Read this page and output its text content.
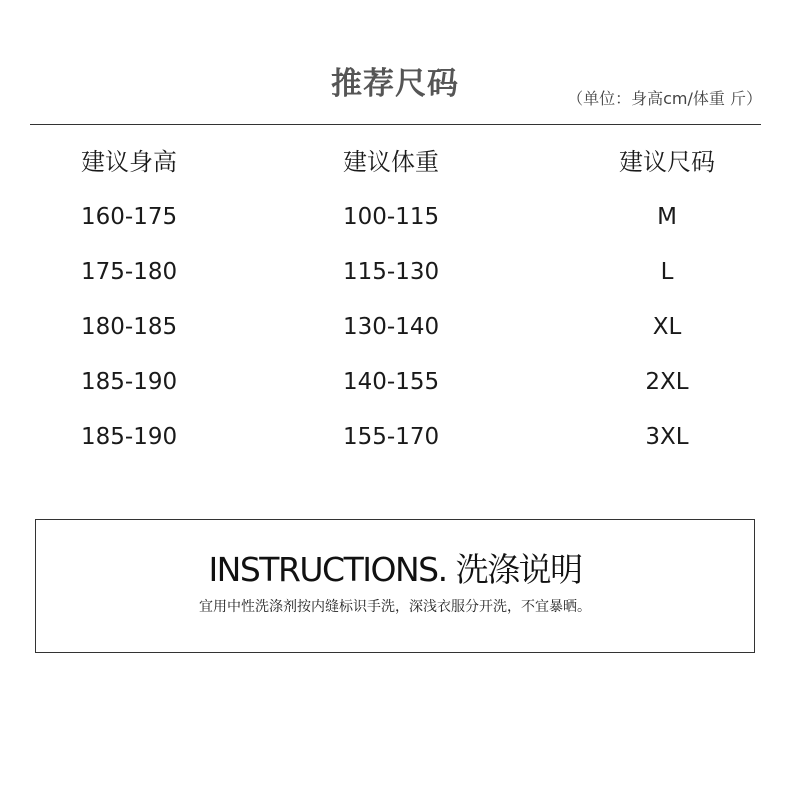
推荐尺码	（单位：身高cm/体重 斤）
建议身高	建议体重	建议尺码
160-175	100-115	M
175-180	115-130	L
180-185	130-140	XL
185-190	140-155	2XL
185-190	155-170	3XL
INSTRUCTIONS. 洗涤说明
宜用中性洗涤剂按内缝标识手洗，深浅衣服分开洗，不宜暴晒。
